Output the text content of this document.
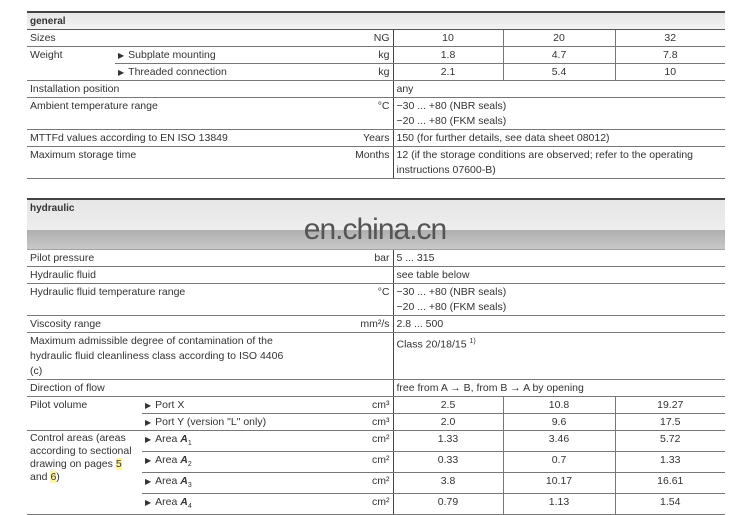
general					
Sizes		NG	10	20	32
Weight	▶ Subplate mounting	kg	1.8	4.7	7.8
	▶ Threaded connection	kg	2.1	5.4	10
Installation position			any		
Ambient temperature range		°C	−30 ... +80 (NBR seals)
−20 ... +80 (FKM seals)		

MTTFd values according to EN ISO 13849		Years	150 (for further details, see data sheet 08012)		
Maximum storage time		Months	12 (if the storage conditions are observed; refer to the operating instructions 07600-B)		
hydraulic					
Pilot pressure		bar	5 ... 315		
Hydraulic fluid			see table below		
Hydraulic fluid temperature range		°C	−30 ... +80 (NBR seals)
−20 ... +80 (FKM seals)		

Viscosity range		mm²/s	2.8 ... 500		
Maximum admissible degree of contamination of the hydraulic fluid cleanliness class according to ISO 4406 (c)			Class 20/18/15 $^{1)}$
Direction of flow			free from A → B, from B → A by opening		
Pilot volume	▶ Port X	cm³	2.5	10.8	19.27
	▶ Port Y (version "L" only)	cm³	2.0	9.6	17.5
Control areas (areas according to sectional drawing on pages 5
and 6)	▶ Area $A_1$	cm²	1.33	3.46	5.72
	▶ Area $A_2$	cm²	0.33	0.7	1.33
	▶ Area $A_3$	cm²	3.8	10.17	16.61
	▶ Area $A_4$	cm²	0.79	1.13	1.54
en.china.cn
